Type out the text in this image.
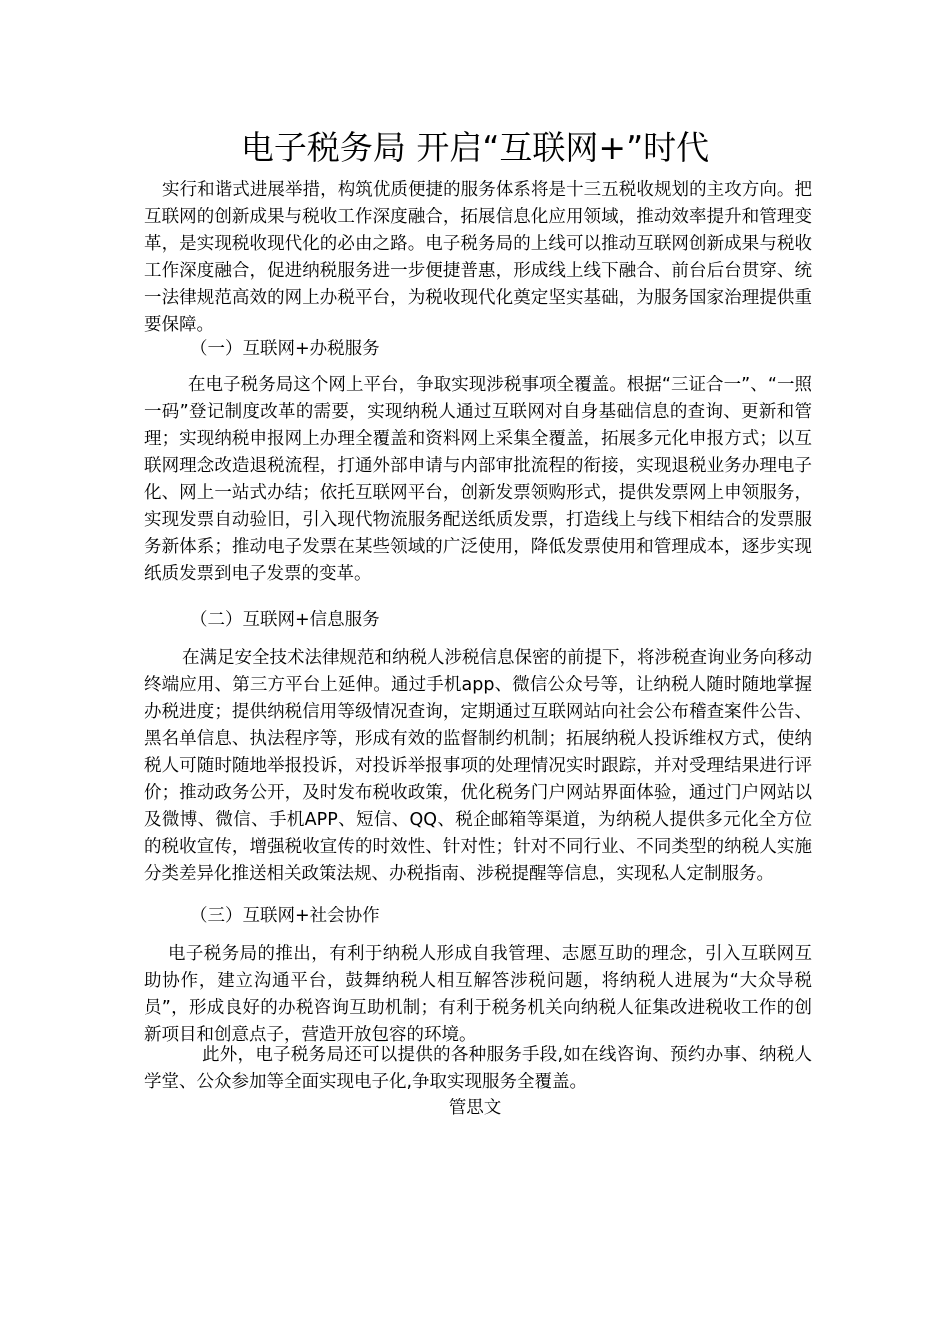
电子税务局 开启“互联网+”时代

实行和谐式进展举措，构筑优质便捷的服务体系将是十三五税收规划的主攻方向。把互联网的创新成果与税收工作深度融合，拓展信息化应用领域，推动效率提升和管理变革，是实现税收现代化的必由之路。电子税务局的上线可以推动互联网创新成果与税收工作深度融合，促进纳税服务进一步便捷普惠，形成线上线下融合、前台后台贯穿、统一法律规范高效的网上办税平台，为税收现代化奠定坚实基础，为服务国家治理提供重要保障。

（一）互联网+办税服务

在电子税务局这个网上平台，争取实现涉税事项全覆盖。根据“三证合一”、“一照一码”登记制度改革的需要，实现纳税人通过互联网对自身基础信息的查询、更新和管理；实现纳税申报网上办理全覆盖和资料网上采集全覆盖，拓展多元化申报方式；以互联网理念改造退税流程，打通外部申请与内部审批流程的衔接，实现退税业务办理电子化、网上一站式办结；依托互联网平台，创新发票领购形式，提供发票网上申领服务，实现发票自动验旧，引入现代物流服务配送纸质发票，打造线上与线下相结合的发票服务新体系；推动电子发票在某些领域的广泛使用，降低发票使用和管理成本，逐步实现纸质发票到电子发票的变革。

（二）互联网+信息服务

在满足安全技术法律规范和纳税人涉税信息保密的前提下，将涉税查询业务向移动终端应用、第三方平台上延伸。通过手机app、微信公众号等，让纳税人随时随地掌握办税进度；提供纳税信用等级情况查询，定期通过互联网站向社会公布稽查案件公告、黑名单信息、执法程序等，形成有效的监督制约机制；拓展纳税人投诉维权方式，使纳税人可随时随地举报投诉，对投诉举报事项的处理情况实时跟踪，并对受理结果进行评价；推动政务公开，及时发布税收政策，优化税务门户网站界面体验，通过门户网站以及微博、微信、手机APP、短信、QQ、税企邮箱等渠道，为纳税人提供多元化全方位的税收宣传，增强税收宣传的时效性、针对性；针对不同行业、不同类型的纳税人实施分类差异化推送相关政策法规、办税指南、涉税提醒等信息，实现私人定制服务。

（三）互联网+社会协作

电子税务局的推出，有利于纳税人形成自我管理、志愿互助的理念，引入互联网互助协作，建立沟通平台，鼓舞纳税人相互解答涉税问题，将纳税人进展为“大众导税员”，形成良好的办税咨询互助机制；有利于税务机关向纳税人征集改进税收工作的创新项目和创意点子，营造开放包容的环境。

此外，电子税务局还可以提供的各种服务手段,如在线咨询、预约办事、纳税人学堂、公众参加等全面实现电子化,争取实现服务全覆盖。

管思文
